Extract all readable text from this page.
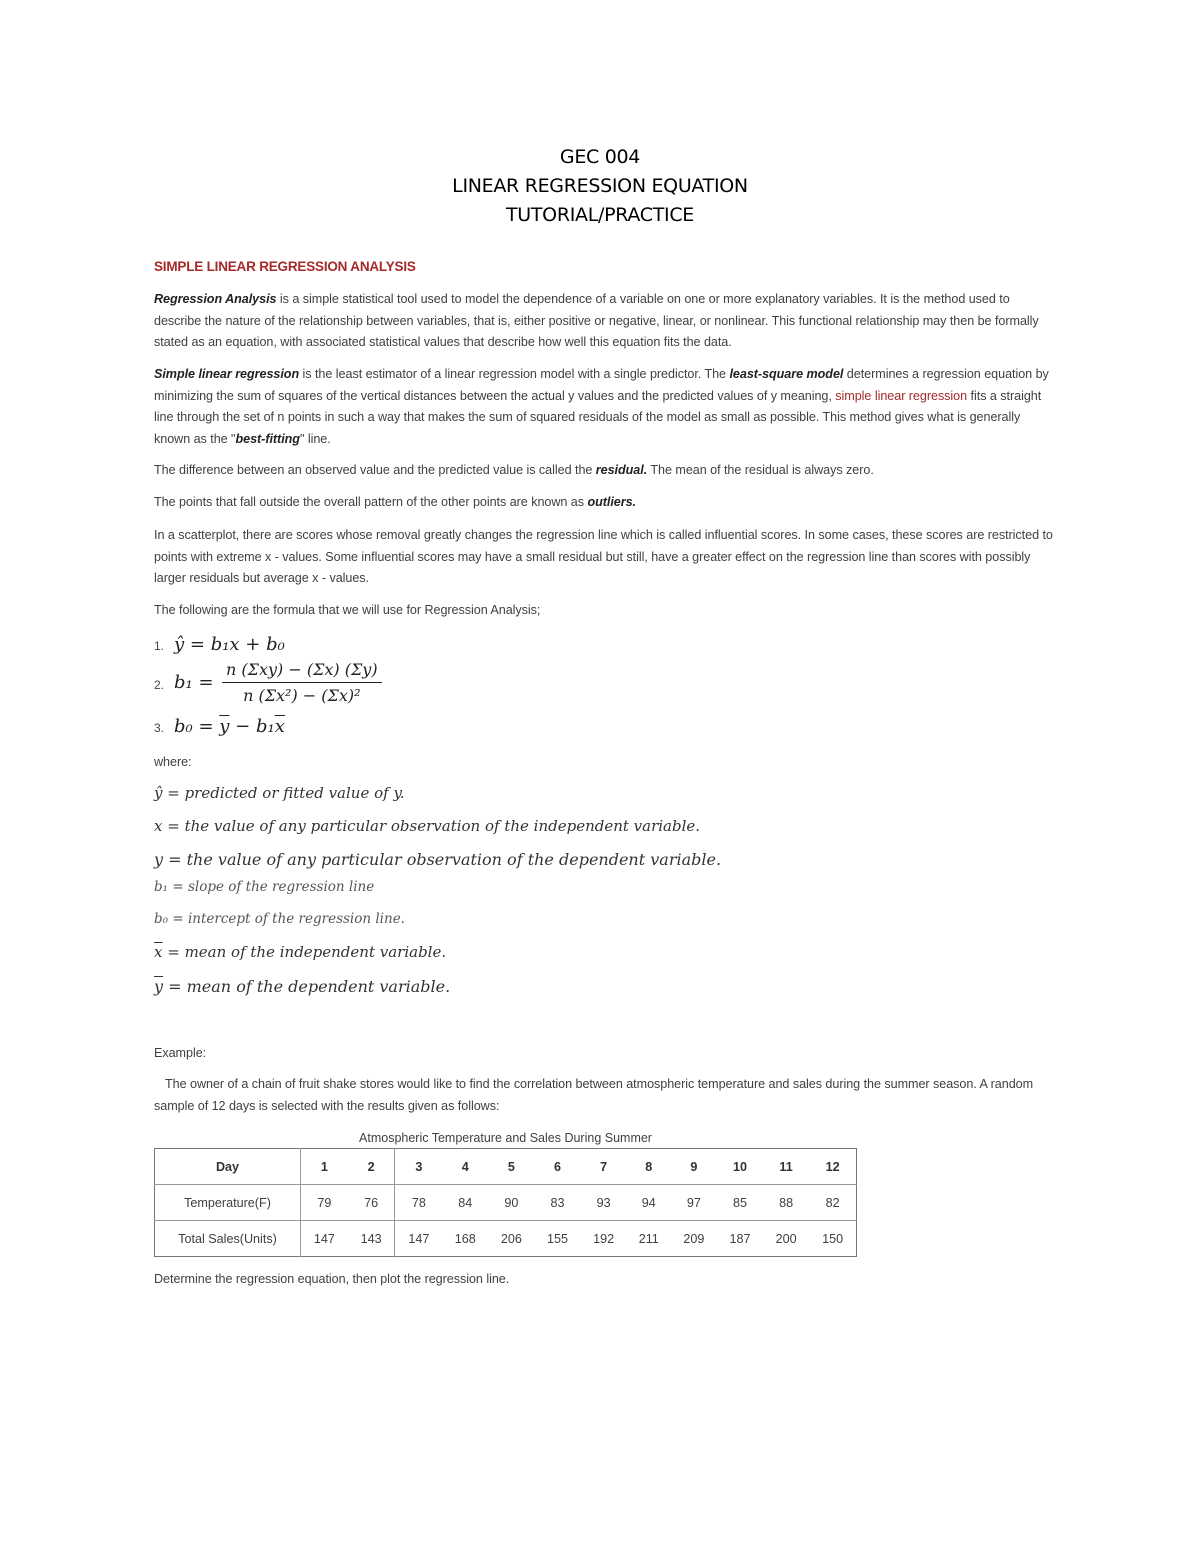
GEC 004
LINEAR REGRESSION EQUATION
TUTORIAL/PRACTICE
SIMPLE LINEAR REGRESSION ANALYSIS
Regression Analysis is a simple statistical tool used to model the dependence of a variable on one or more explanatory variables. It is the method used to describe the nature of the relationship between variables, that is, either positive or negative, linear, or nonlinear. This functional relationship may then be formally stated as an equation, with associated statistical values that describe how well this equation fits the data.
Simple linear regression is the least estimator of a linear regression model with a single predictor. The least-square model determines a regression equation by minimizing the sum of squares of the vertical distances between the actual y values and the predicted values of y meaning, simple linear regression fits a straight line through the set of n points in such a way that makes the sum of squared residuals of the model as small as possible. This method gives what is generally known as the "best-fitting" line.
The difference between an observed value and the predicted value is called the residual. The mean of the residual is always zero.
The points that fall outside the overall pattern of the other points are known as outliers.
In a scatterplot, there are scores whose removal greatly changes the regression line which is called influential scores. In some cases, these scores are restricted to points with extreme x - values. Some influential scores may have a small residual but still, have a greater effect on the regression line than scores with possibly larger residuals but average x - values.
The following are the formula that we will use for Regression Analysis;
1. ŷ = b₁x + b₀
2. b₁ =
n (Σxy) − (Σx) (Σy)
n (Σx²) − (Σx)²
3. $b_0 = \overline{y} - b_1\overline{x}$
where:
ŷ = predicted or fitted value of y.
x = the value of any particular observation of the independent variable.
y = the value of any particular observation of the dependent variable.
b₁ = slope of the regression line
b₀ = intercept of the regression line.
$\overline{x}$ = mean of the independent variable.
$\overline{y}$ = mean of the dependent variable.
Example:
The owner of a chain of fruit shake stores would like to find the correlation between atmospheric temperature and sales during the summer season. A random sample of 12 days is selected with the results given as follows:
Atmospheric Temperature and Sales During Summer
Day	1	2	3	4	5	6	7	8	9	10	11	12
Temperature(F)	79	76	78	84	90	83	93	94	97	85	88	82
Total Sales(Units)	147	143	147	168	206	155	192	211	209	187	200	150
Determine the regression equation, then plot the regression line.
